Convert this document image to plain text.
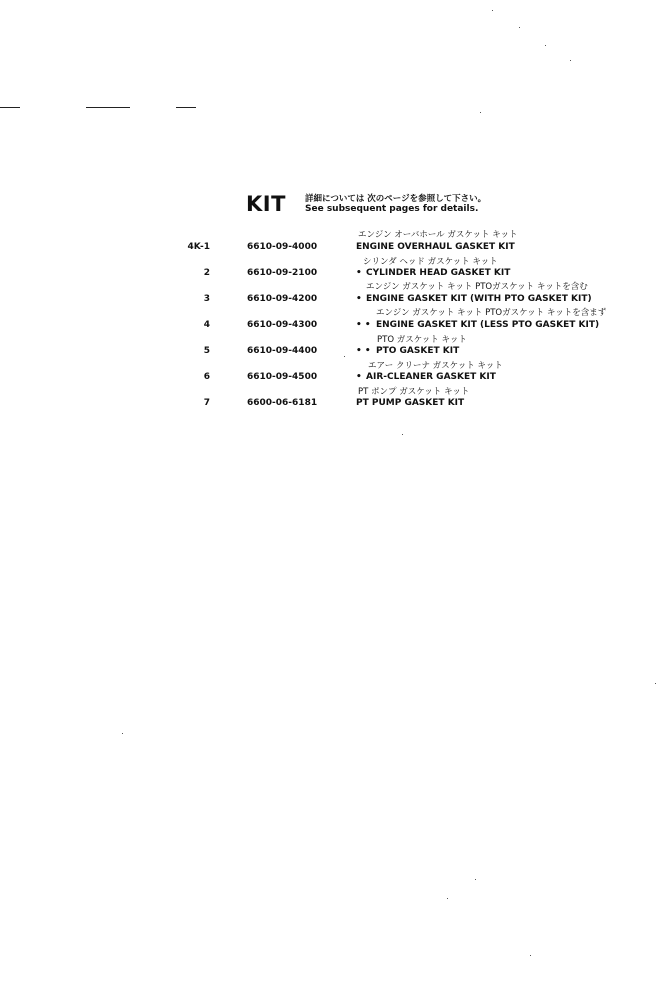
KIT 詳細については 次のページを参照して下さい。
See subsequent pages for details.
エンジン オーバホール ガスケット キット
4K-1	6610-09-4000	ENGINE OVERHAUL GASKET KIT
シリンダ ヘッド ガスケット キット
2	6610-09-2100	• CYLINDER HEAD GASKET KIT
エンジン ガスケット キット PTOガスケット キットを含む
3	6610-09-4200	• ENGINE GASKET KIT (WITH PTO GASKET KIT)
エンジン ガスケット キット PTOガスケット キットを含まず
4	6610-09-4300	• • ENGINE GASKET KIT (LESS PTO GASKET KIT)
PTO ガスケット キット
5	6610-09-4400	• • PTO GASKET KIT
エアー クリーナ ガスケット キット
6	6610-09-4500	• AIR-CLEANER GASKET KIT
PT ポンプ ガスケット キット
7	6600-06-6181	PT PUMP GASKET KIT
